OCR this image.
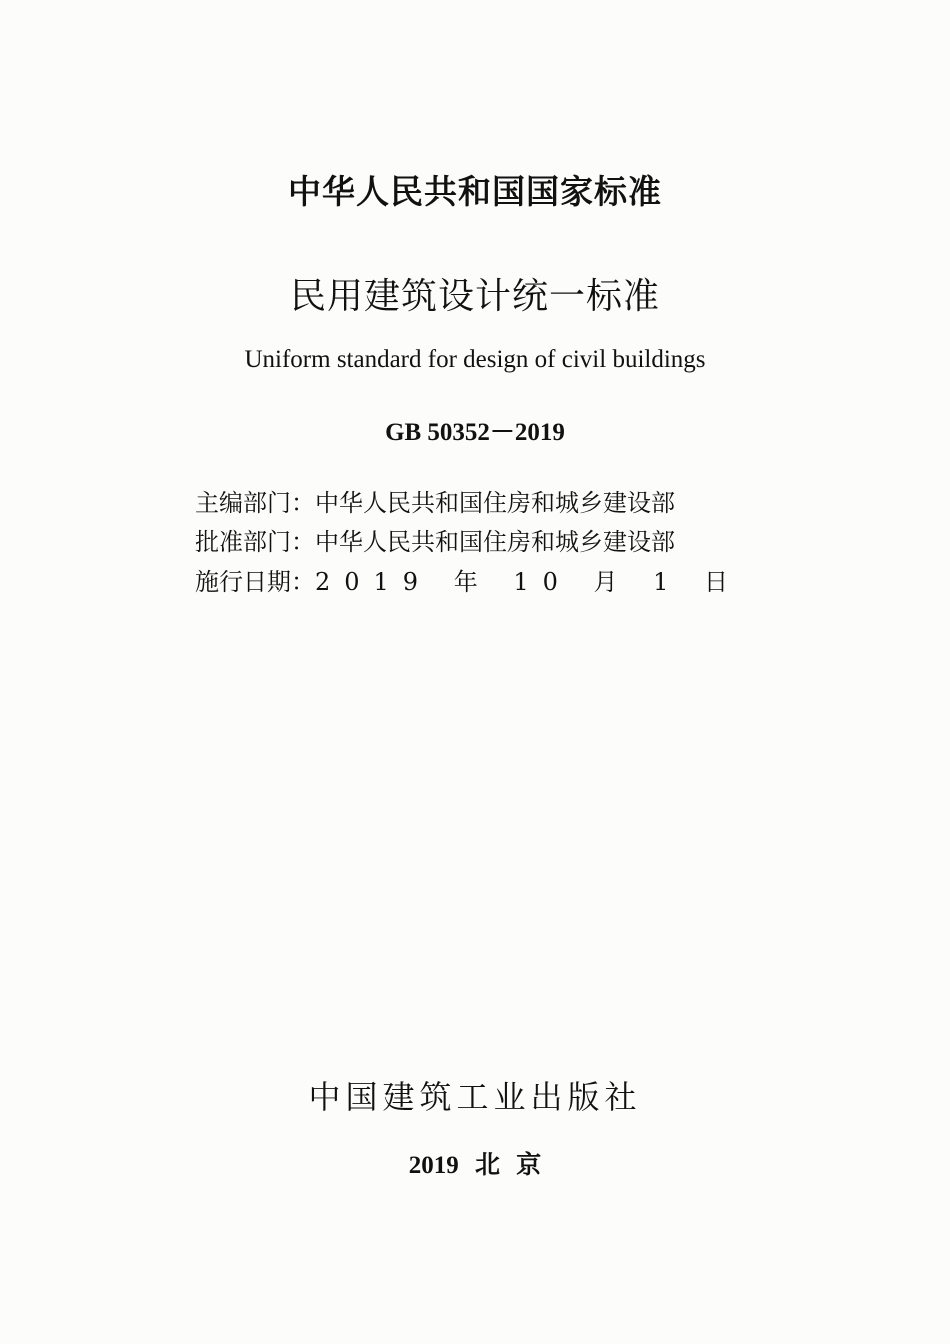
中华人民共和国国家标准
民用建筑设计统一标准
Uniform standard for design of civil buildings
GB 50352－2019
主编部门：中华人民共和国住房和城乡建设部
批准部门：中华人民共和国住房和城乡建设部
施行日期：2019 年 10 月 1 日
中国建筑工业出版社
2019 北 京
